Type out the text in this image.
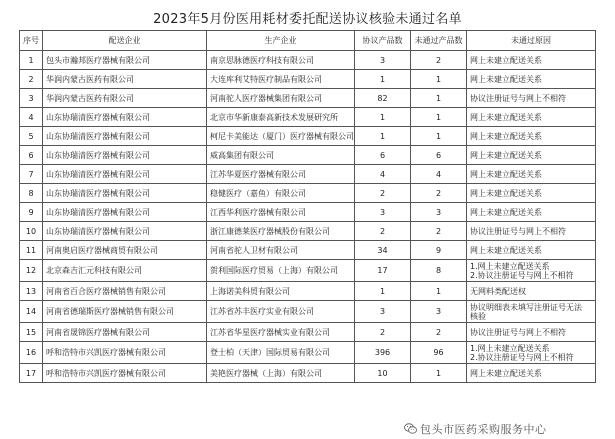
2023年5月份医用耗材委托配送协议核验未通过名单
序号	配送企业	生产企业	协议产品数	未通过产品数	未通过原因
1	包头市瀚邦医疗器械有限公司	南京思脉德医疗科技有限公司	3	2	网上未建立配送关系

2	华润内蒙古医药有限公司	大连库利艾特医疗制品有限公司	1	1	网上未建立配送关系

3	华润内蒙古医药有限公司	河南驼人医疗器械集团有限公司	82	1	协议注册证号与网上不相符

4	山东协瑞清医疗器械有限公司	北京市华新康泰高新技术发展研究所	1	1	网上未建立配送关系

5	山东协瑞清医疗器械有限公司	柯尼卡美能达（厦门）医疗器械有限公司	1	1	网上未建立配送关系

6	山东协瑞清医疗器械有限公司	威高集团有限公司	6	6	网上未建立配送关系

7	山东协瑞清医疗器械有限公司	江苏华夏医疗器械有限公司	4	4	网上未建立配送关系

8	山东协瑞清医疗器械有限公司	稳健医疗（嘉鱼）有限公司	2	2	网上未建立配送关系

9	山东协瑞清医疗器械有限公司	江西华利医疗器械有限公司	3	3	网上未建立配送关系

10	山东协瑞清医疗器械有限公司	浙江康德莱医疗器械股份有限公司	2	2	协议注册证号与网上不相符

11	河南奥启医疗器械商贸有限公司	河南省驼人卫材有限公司	34	9	网上未建立配送关系

12	北京森吉汇元科技有限公司	贺利国际医疗贸易（上海）有限公司	17	8	1.网上未建立配送关系
2.协议注册证号与网上不相符

13	河南省百合医疗器械销售有限公司	上海诺美科贸有限公司	1	1	无网料类配送权

14	河南省德瑞斯医疗器械销售有限公司	江苏省苏丰医疗实业有限公司	3	3	协议明细表未填写注册证号无法
核验

15	河南省晟锦医疗器械有限公司	江苏省华星医疗器械实业有限公司	2	2	协议注册证号与网上不相符

16	呼和浩特市兴凯医疗器械有限公司	登士柏（天津）国际贸易有限公司	396	96	1.网上未建立配送关系
2.协议注册证号与网上不相符

17	呼和浩特市兴凯医疗器械有限公司	美艳医疗器械（上海）有限公司	10	1	网上未建立配送关系
包头市医药采购服务中心
